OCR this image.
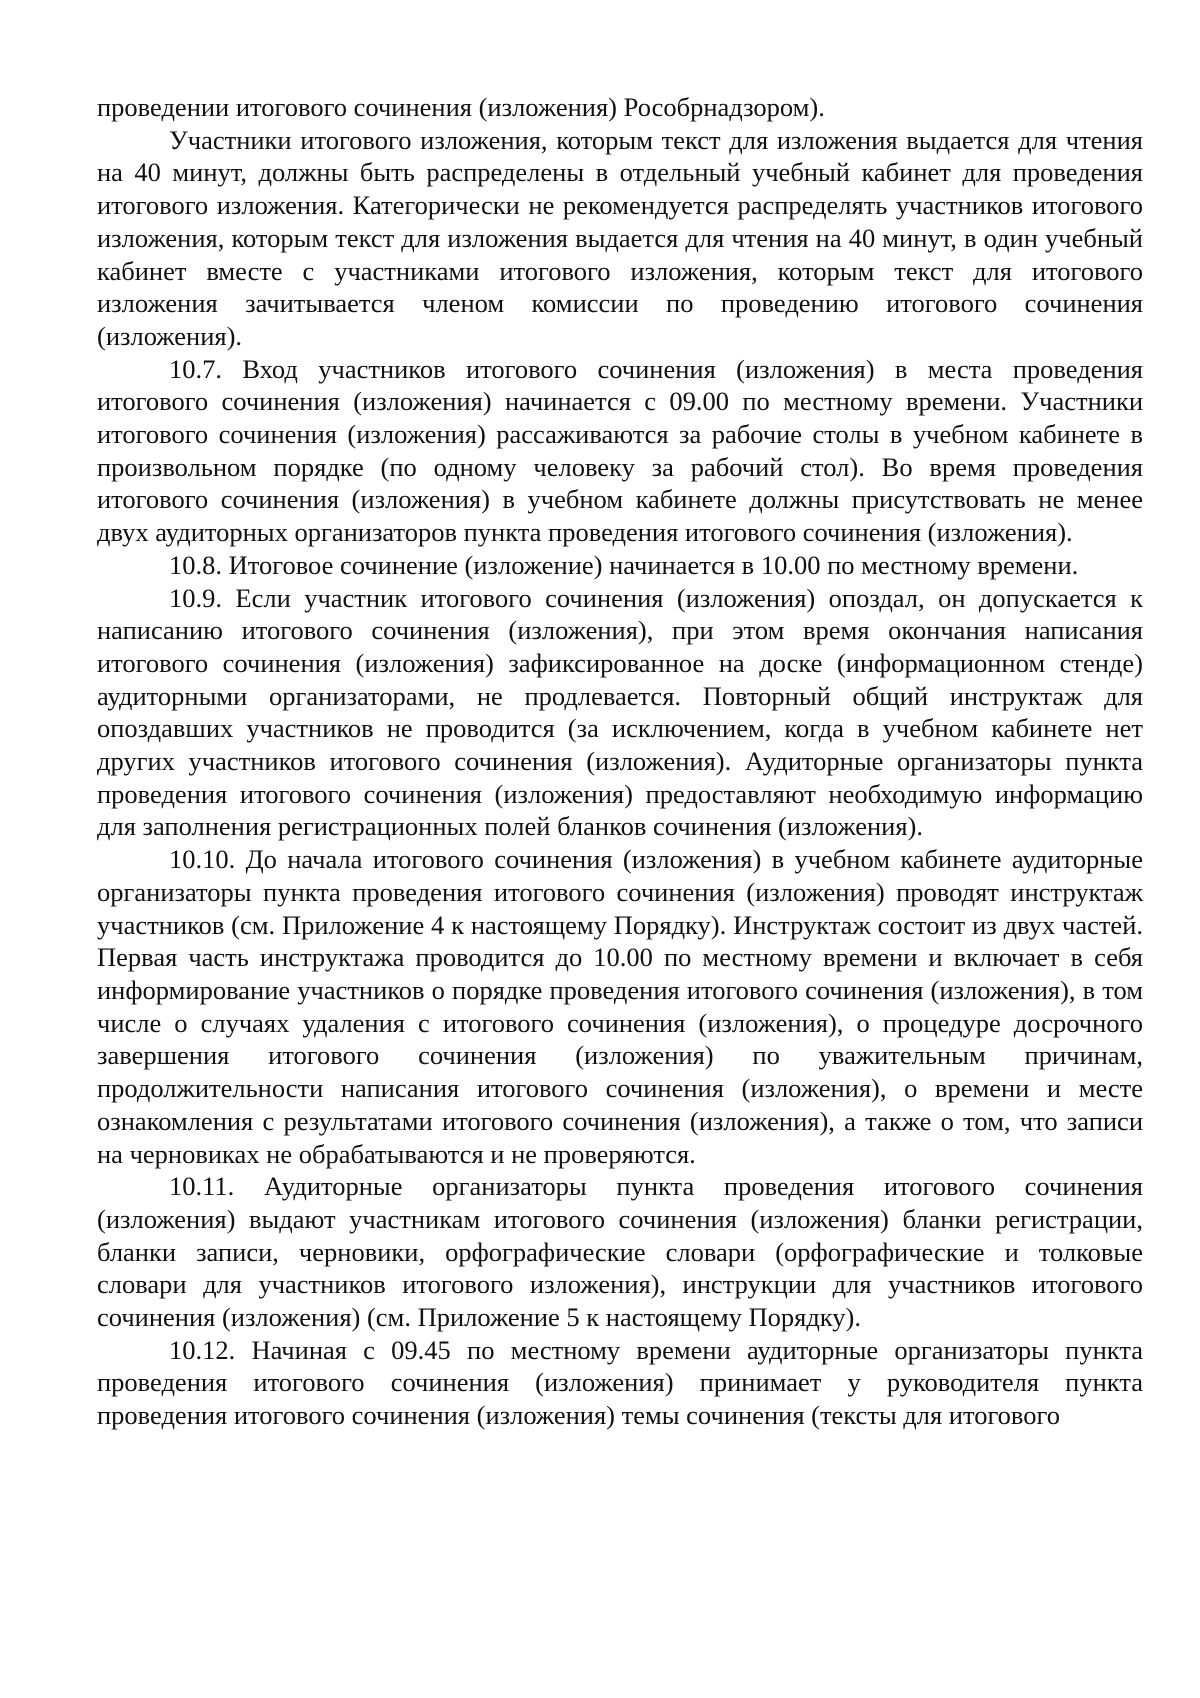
проведении итогового сочинения (изложения) Рособрнадзором).

Участники итогового изложения, которым текст для изложения выдается для чтения на 40 минут, должны быть распределены в отдельный учебный кабинет для проведения итогового изложения. Категорически не рекомендуется распределять участников итогового изложения, которым текст для изложения выдается для чтения на 40 минут, в один учебный кабинет вместе с участниками итогового изложения, которым текст для итогового изложения зачитывается членом комиссии по проведению итогового сочинения (изложения).

10.7. Вход участников итогового сочинения (изложения) в места проведения итогового сочинения (изложения) начинается с 09.00 по местному времени. Участники итогового сочинения (изложения) рассаживаются за рабочие столы в учебном кабинете в произвольном порядке (по одному человеку за рабочий стол). Во время проведения итогового сочинения (изложения) в учебном кабинете должны присутствовать не менее двух аудиторных организаторов пункта проведения итогового сочинения (изложения).

10.8. Итоговое сочинение (изложение) начинается в 10.00 по местному времени.

10.9. Если участник итогового сочинения (изложения) опоздал, он допускается к написанию итогового сочинения (изложения), при этом время окончания написания итогового сочинения (изложения) зафиксированное на доске (информационном стенде) аудиторными организаторами, не продлевается. Повторный общий инструктаж для опоздавших участников не проводится (за исключением, когда в учебном кабинете нет других участников итогового сочинения (изложения). Аудиторные организаторы пункта проведения итогового сочинения (изложения) предоставляют необходимую информацию для заполнения регистрационных полей бланков сочинения (изложения).

10.10. До начала итогового сочинения (изложения) в учебном кабинете аудиторные организаторы пункта проведения итогового сочинения (изложения) проводят инструктаж участников (см. Приложение 4 к настоящему Порядку). Инструктаж состоит из двух частей. Первая часть инструктажа проводится до 10.00 по местному времени и включает в себя информирование участников о порядке проведения итогового сочинения (изложения), в том числе о случаях удаления с итогового сочинения (изложения), о процедуре досрочного завершения итогового сочинения (изложения) по уважительным причинам, продолжительности написания итогового сочинения (изложения), о времени и месте ознакомления с результатами итогового сочинения (изложения), а также о том, что записи на черновиках не обрабатываются и не проверяются.

10.11. Аудиторные организаторы пункта проведения итогового сочинения (изложения) выдают участникам итогового сочинения (изложения) бланки регистрации, бланки записи, черновики, орфографические словари (орфографические и толковые словари для участников итогового изложения), инструкции для участников итогового сочинения (изложения) (см. Приложение 5 к настоящему Порядку).

10.12. Начиная с 09.45 по местному времени аудиторные организаторы пункта проведения итогового сочинения (изложения) принимает у руководителя пункта проведения итогового сочинения (изложения) темы сочинения (тексты для итогового
